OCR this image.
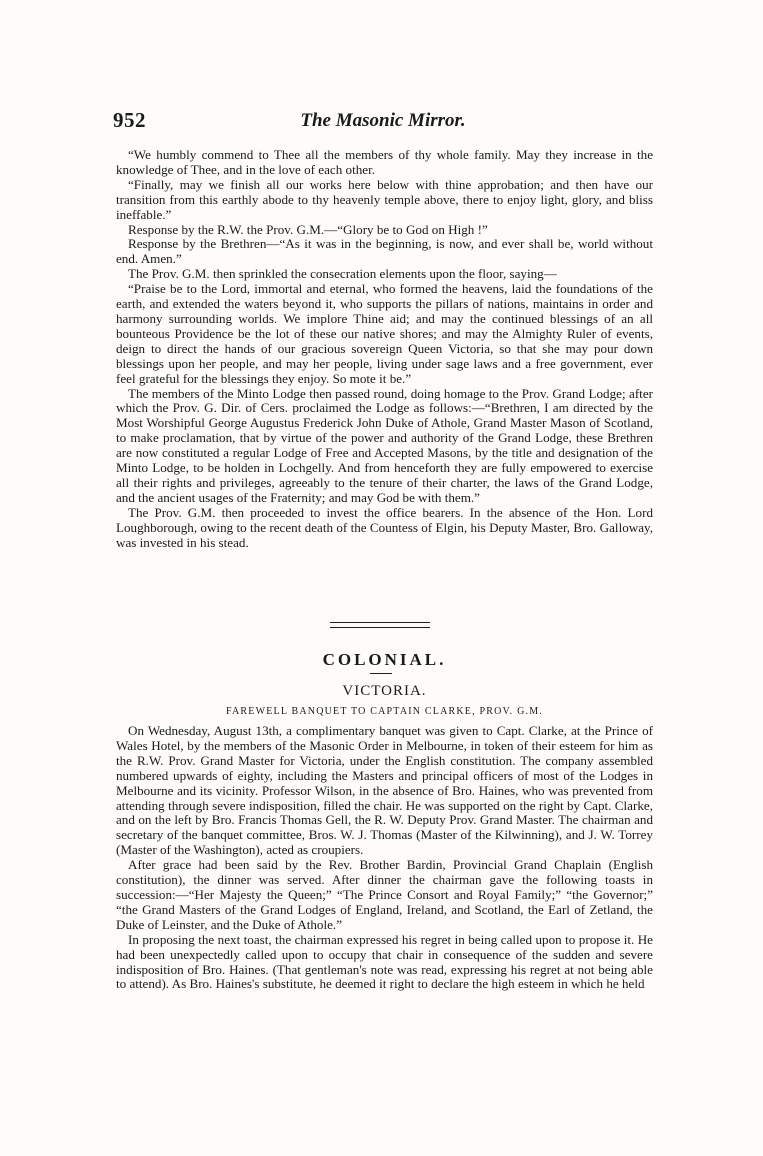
952	The Masonic Mirror.

“We humbly commend to Thee all the members of thy whole family. May they increase in the knowledge of Thee, and in the love of each other.

“Finally, may we finish all our works here below with thine approbation; and then have our transition from this earthly abode to thy heavenly temple above, there to enjoy light, glory, and bliss ineffable.”

Response by the R.W. the Prov. G.M.—“Glory be to God on High !”

Response by the Brethren—“As it was in the beginning, is now, and ever shall be, world without end. Amen.”

The Prov. G.M. then sprinkled the consecration elements upon the floor, saying—

“Praise be to the Lord, immortal and eternal, who formed the heavens, laid the foundations of the earth, and extended the waters beyond it, who supports the pillars of nations, maintains in order and harmony surrounding worlds. We implore Thine aid; and may the continued blessings of an all bounteous Providence be the lot of these our native shores; and may the Almighty Ruler of events, deign to direct the hands of our gracious sovereign Queen Victoria, so that she may pour down blessings upon her people, and may her people, living under sage laws and a free government, ever feel grateful for the blessings they enjoy. So mote it be.”

The members of the Minto Lodge then passed round, doing homage to the Prov. Grand Lodge; after which the Prov. G. Dir. of Cers. proclaimed the Lodge as follows:—“Brethren, I am directed by the Most Worshipful George Augustus Frederick John Duke of Athole, Grand Master Mason of Scotland, to make proclamation, that by virtue of the power and authority of the Grand Lodge, these Brethren are now constituted a regular Lodge of Free and Accepted Masons, by the title and designation of the Minto Lodge, to be holden in Lochgelly. And from henceforth they are fully empowered to exercise all their rights and privileges, agreeably to the tenure of their charter, the laws of the Grand Lodge, and the ancient usages of the Fraternity; and may God be with them.”

The Prov. G.M. then proceeded to invest the office bearers. In the absence of the Hon. Lord Loughborough, owing to the recent death of the Countess of Elgin, his Deputy Master, Bro. Galloway, was invested in his stead.

COLONIAL.
VICTORIA.
FAREWELL BANQUET TO CAPTAIN CLARKE, PROV. G.M.

On Wednesday, August 13th, a complimentary banquet was given to Capt. Clarke, at the Prince of Wales Hotel, by the members of the Masonic Order in Melbourne, in token of their esteem for him as the R.W. Prov. Grand Master for Victoria, under the English constitution. The company assembled numbered upwards of eighty, including the Masters and principal officers of most of the Lodges in Melbourne and its vicinity. Professor Wilson, in the absence of Bro. Haines, who was prevented from attending through severe indisposition, filled the chair. He was supported on the right by Capt. Clarke, and on the left by Bro. Francis Thomas Gell, the R. W. Deputy Prov. Grand Master. The chairman and secretary of the banquet committee, Bros. W. J. Thomas (Master of the Kilwinning), and J. W. Torrey (Master of the Washington), acted as croupiers.

After grace had been said by the Rev. Brother Bardin, Provincial Grand Chaplain (English constitution), the dinner was served. After dinner the chairman gave the following toasts in succession:—“Her Majesty the Queen;” “The Prince Consort and Royal Family;” “the Governor;” “the Grand Masters of the Grand Lodges of England, Ireland, and Scotland, the Earl of Zetland, the Duke of Leinster, and the Duke of Athole.”

In proposing the next toast, the chairman expressed his regret in being called upon to propose it. He had been unexpectedly called upon to occupy that chair in consequence of the sudden and severe indisposition of Bro. Haines. (That gentleman's note was read, expressing his regret at not being able to attend). As Bro. Haines's substitute, he deemed it right to declare the high esteem in which he held
